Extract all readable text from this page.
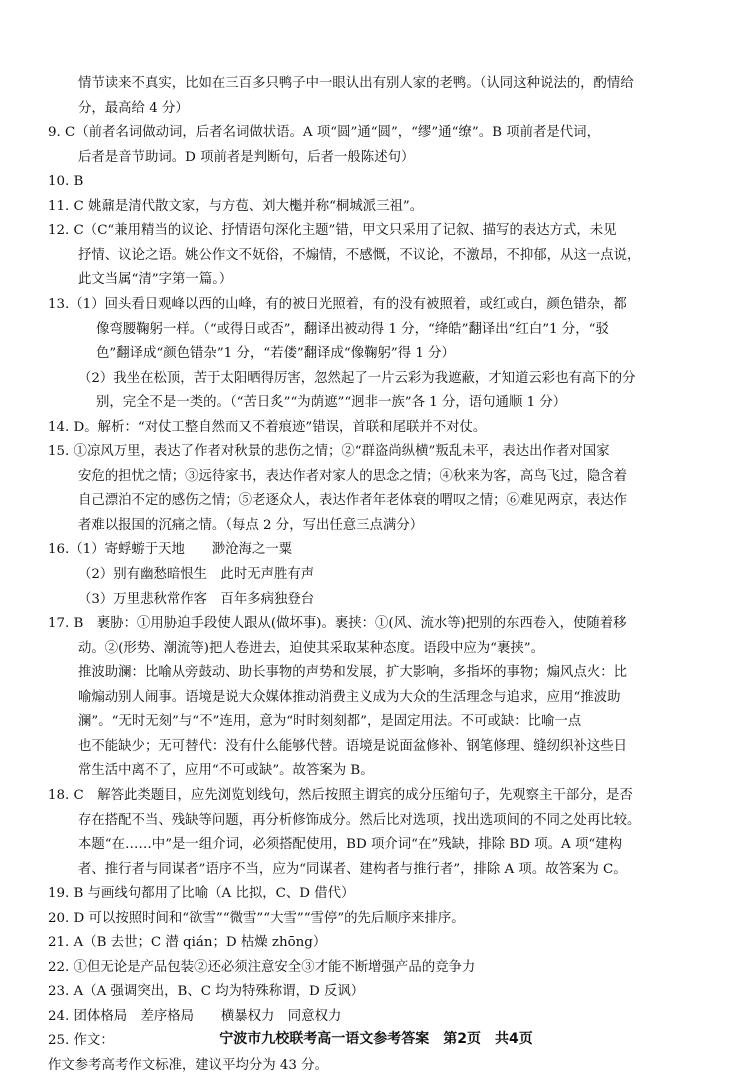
情节读来不真实，比如在三百多只鸭子中一眼认出有别人家的老鸭。（认同这种说法的，酌情给
分，最高给 4 分）
9. C（前者名词做动词，后者名词做状语。A 项“圆”通“圆”，“缪”通“缭”。B 项前者是代词，
后者是音节助词。D 项前者是判断句，后者一般陈述句）
10. B
11. C 姚鼐是清代散文家，与方苞、刘大櫆并称“桐城派三祖”。
12. C（C“兼用精当的议论、抒情语句深化主题”错，甲文只采用了记叙、描写的表达方式，未见
抒情、议论之语。姚公作文不妩俗，不煽情，不感慨，不议论，不激昂，不抑郁，从这一点说，
此文当属“清”字第一篇。）
13.（1）回头看日观峰以西的山峰，有的被日光照着，有的没有被照着，或红或白，颜色错杂，都
像弯腰鞠躬一样。（“或得日或否”，翻译出被动得 1 分，“绛皓”翻译出“红白”1 分，“驳
色”翻译成“颜色错杂”1 分，“若偻”翻译成“像鞠躬”得 1 分）
（2）我坐在松顶，苦于太阳晒得厉害，忽然起了一片云彩为我遮蔽，才知道云彩也有高下的分
别，完全不是一类的。（“苦日炙”“为荫遮”“迥非一族”各 1 分，语句通顺 1 分）
14. D。解析：“对仗工整自然而又不着痕迹”错误，首联和尾联并不对仗。
15. ①凉风万里，表达了作者对秋景的悲伤之情；②“群盗尚纵横”叛乱未平，表达出作者对国家
安危的担忧之情；③远待家书，表达作者对家人的思念之情；④秋来为客，高鸟飞过，隐含着
自己漂泊不定的感伤之情；⑤老逐众人，表达作者年老体衰的喟叹之情；⑥难见两京，表达作
者难以报国的沉痛之情。（每点 2 分，写出任意三点满分）
16.（1）寄蜉蝣于天地　　渺沧海之一粟
（2）别有幽愁暗恨生　此时无声胜有声
（3）万里悲秋常作客　百年多病独登台
17. B　裹胁：①用胁迫手段使人跟从(做坏事)。裹挟：①(风、流水等)把别的东西卷入，使随着移
动。②(形势、潮流等)把人卷进去，迫使其采取某种态度。语段中应为“裹挟”。
推波助澜：比喻从旁鼓动、助长事物的声势和发展，扩大影响，多指坏的事物；煽风点火：比
喻煽动别人闹事。语境是说大众媒体推动消费主义成为大众的生活理念与追求，应用“推波助
澜”。“无时无刻”与“不”连用，意为“时时刻刻都”，是固定用法。不可或缺：比喻一点
也不能缺少；无可替代：没有什么能够代替。语境是说面盆修补、钢笔修理、缝纫织补这些日
常生活中离不了，应用“不可或缺”。故答案为 B。
18. C　解答此类题目，应先浏览划线句，然后按照主谓宾的成分压缩句子，先观察主干部分，是否
存在搭配不当、残缺等问题，再分析修饰成分。然后比对选项，找出选项间的不同之处再比较。
本题“在……中”是一组介词，必须搭配使用，BD 项介词“在”残缺，排除 BD 项。A 项“建构
者、推行者与同谋者”语序不当，应为“同谋者、建构者与推行者”，排除 A 项。故答案为 C。
19. B 与画线句都用了比喻（A 比拟，C、D 借代）
20. D 可以按照时间和“欲雪”“微雪”“大雪”“雪停”的先后顺序来排序。
21. A（B 去世；C 潜 qián；D 枯燥 zhōng）
22. ①但无论是产品包装②还必须注意安全③才能不断增强产品的竞争力
23. A（A 强调突出，B、C 均为特殊称谓，D 反讽）
24. 团体格局　差序格局　　横暴权力　同意权力
25. 作文：
作文参考高考作文标准，建议平均分为 43 分。
宁波市九校联考高一语文参考答案　第2页　共4页
